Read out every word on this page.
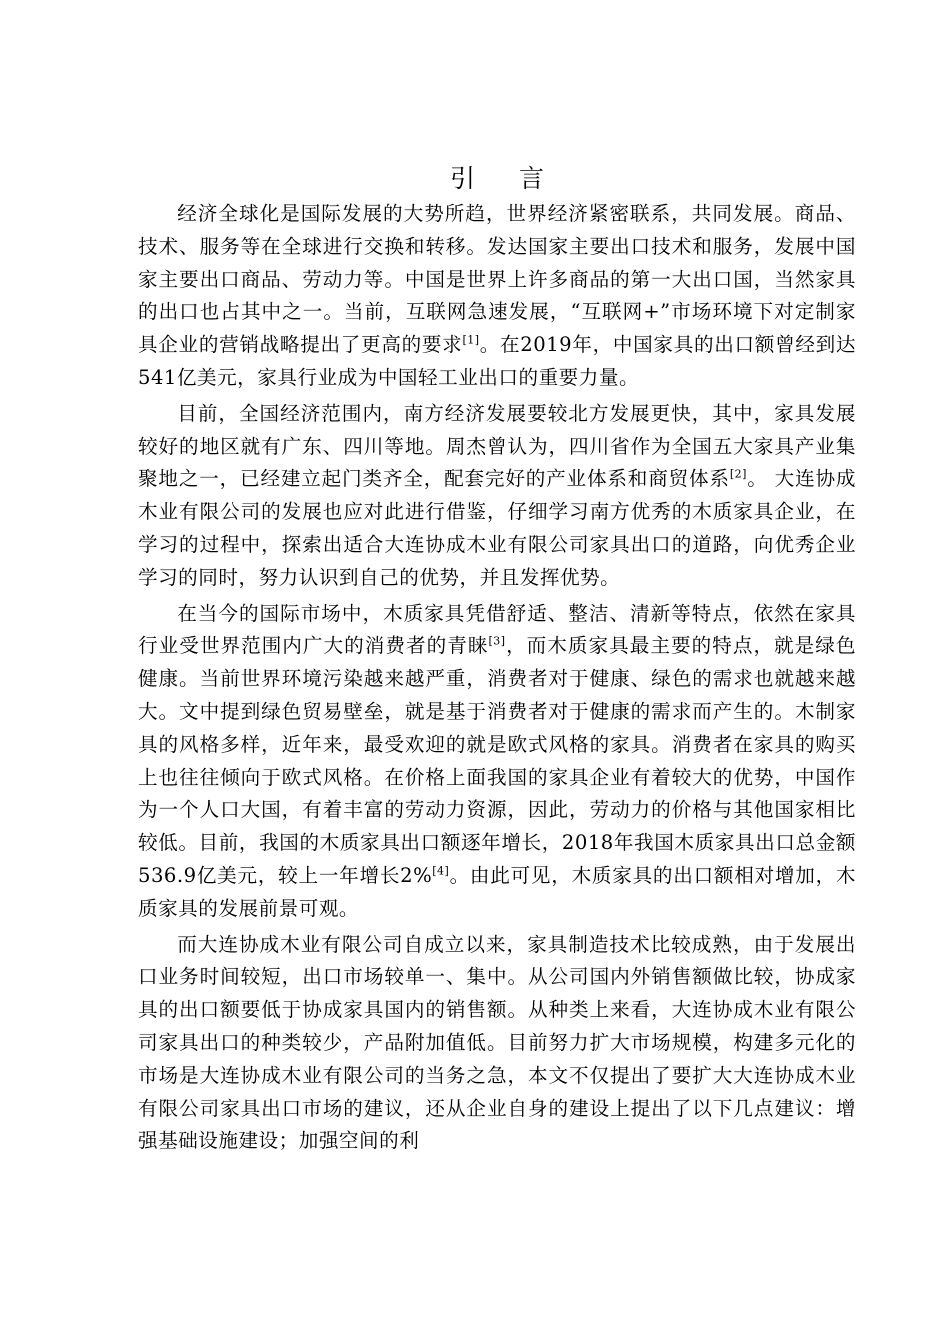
引言

经济全球化是国际发展的大势所趋，世界经济紧密联系，共同发展。商品、技术、服务等在全球进行交换和转移。发达国家主要出口技术和服务，发展中国家主要出口商品、劳动力等。中国是世界上许多商品的第一大出口国，当然家具的出口也占其中之一。当前，互联网急速发展，“互联网+”市场环境下对定制家具企业的营销战略提出了更高的要求[1]。在2019年，中国家具的出口额曾经到达541亿美元，家具行业成为中国轻工业出口的重要力量。

目前，全国经济范围内，南方经济发展要较北方发展更快，其中，家具发展较好的地区就有广东、四川等地。周杰曾认为，四川省作为全国五大家具产业集聚地之一，已经建立起门类齐全，配套完好的产业体系和商贸体系[2]。 大连协成木业有限公司的发展也应对此进行借鉴，仔细学习南方优秀的木质家具企业，在学习的过程中，探索出适合大连协成木业有限公司家具出口的道路，向优秀企业学习的同时，努力认识到自己的优势，并且发挥优势。

在当今的国际市场中，木质家具凭借舒适、整洁、清新等特点，依然在家具行业受世界范围内广大的消费者的青睐[3]，而木质家具最主要的特点，就是绿色健康。当前世界环境污染越来越严重，消费者对于健康、绿色的需求也就越来越大。文中提到绿色贸易壁垒，就是基于消费者对于健康的需求而产生的。木制家具的风格多样，近年来，最受欢迎的就是欧式风格的家具。消费者在家具的购买上也往往倾向于欧式风格。在价格上面我国的家具企业有着较大的优势，中国作为一个人口大国，有着丰富的劳动力资源，因此，劳动力的价格与其他国家相比较低。目前，我国的木质家具出口额逐年增长，2018年我国木质家具出口总金额536.9亿美元，较上一年增长2%[4]。由此可见，木质家具的出口额相对增加，木质家具的发展前景可观。

而大连协成木业有限公司自成立以来，家具制造技术比较成熟，由于发展出口业务时间较短，出口市场较单一、集中。从公司国内外销售额做比较，协成家具的出口额要低于协成家具国内的销售额。从种类上来看，大连协成木业有限公司家具出口的种类较少，产品附加值低。目前努力扩大市场规模，构建多元化的市场是大连协成木业有限公司的当务之急，本文不仅提出了要扩大大连协成木业有限公司家具出口市场的建议，还从企业自身的建设上提出了以下几点建议：增强基础设施建设；加强空间的利
